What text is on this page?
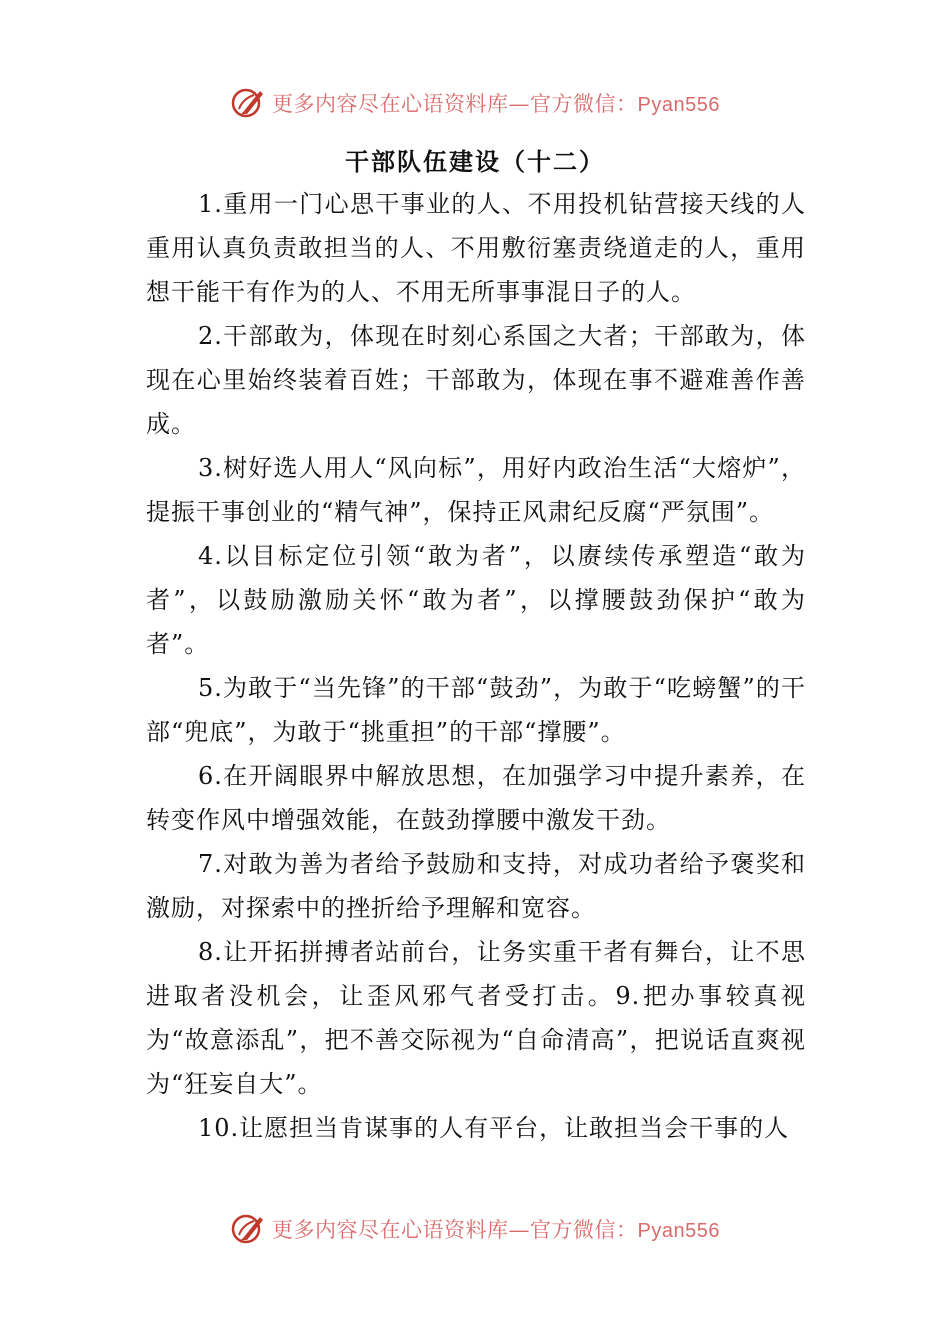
更多内容尽在心语资料库—官方微信：Pyan556
干部队伍建设（十二）

1.重用一门心思干事业的人、不用投机钻营接天线的人重用认真负责敢担当的人、不用敷衍塞责绕道走的人，重用想干能干有作为的人、不用无所事事混日子的人。

2.干部敢为，体现在时刻心系国之大者；干部敢为，体现在心里始终装着百姓；干部敢为，体现在事不避难善作善成。

3.树好选人用人“风向标”，用好内政治生活“大熔炉”，提振干事创业的“精气神”，保持正风肃纪反腐“严氛围”。

4.以目标定位引领“敢为者”，以赓续传承塑造“敢为者”，以鼓励激励关怀“敢为者”，以撑腰鼓劲保护“敢为者”。

5.为敢于“当先锋”的干部“鼓劲”，为敢于“吃螃蟹”的干部“兜底”，为敢于“挑重担”的干部“撑腰”。

6.在开阔眼界中解放思想，在加强学习中提升素养，在转变作风中增强效能，在鼓劲撑腰中激发干劲。

7.对敢为善为者给予鼓励和支持，对成功者给予褒奖和激励，对探索中的挫折给予理解和宽容。

8.让开拓拼搏者站前台，让务实重干者有舞台，让不思进取者没机会，让歪风邪气者受打击。9.把办事较真视为“故意添乱”，把不善交际视为“自命清高”，把说话直爽视为“狂妄自大”。

10.让愿担当肯谋事的人有平台，让敢担当会干事的人

更多内容尽在心语资料库—官方微信：Pyan556
